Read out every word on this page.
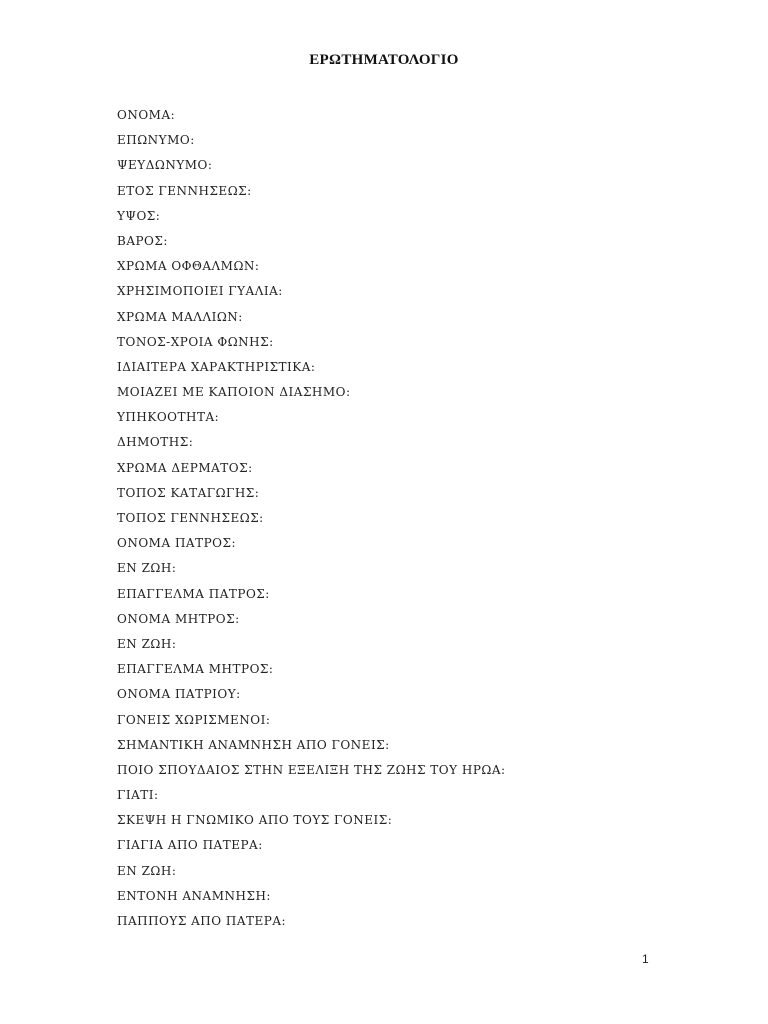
ΕΡΩΤΗΜΑΤΟΛΟΓΙΟ
ΟΝΟΜΑ:
ΕΠΩΝΥΜΟ:
ΨΕΥΔΩΝΥΜΟ:
ΕΤΟΣ ΓΕΝΝΗΣΕΩΣ:
ΥΨΟΣ:
ΒΑΡΟΣ:
ΧΡΩΜΑ ΟΦΘΑΛΜΩΝ:
ΧΡΗΣΙΜΟΠΟΙΕΙ ΓΥΑΛΙΑ:
ΧΡΩΜΑ ΜΑΛΛΙΩΝ:
ΤΟΝΟΣ-ΧΡΟΙΑ ΦΩΝΗΣ:
ΙΔΙΑΙΤΕΡΑ ΧΑΡΑΚΤΗΡΙΣΤΙΚΑ:
ΜΟΙΑΖΕΙ ΜΕ ΚΑΠΟΙΟΝ ΔΙΑΣΗΜΟ:
ΥΠΗΚΟΟΤΗΤΑ:
ΔΗΜΟΤΗΣ:
ΧΡΩΜΑ ΔΕΡΜΑΤΟΣ:
ΤΟΠΟΣ ΚΑΤΑΓΩΓΗΣ:
ΤΟΠΟΣ ΓΕΝΝΗΣΕΩΣ:
ΟΝΟΜΑ ΠΑΤΡΟΣ:
ΕΝ ΖΩΗ:
ΕΠΑΓΓΕΛΜΑ ΠΑΤΡΟΣ:
ΟΝΟΜΑ ΜΗΤΡΟΣ:
ΕΝ ΖΩΗ:
ΕΠΑΓΓΕΛΜΑ ΜΗΤΡΟΣ:
ΟΝΟΜΑ ΠΑΤΡΙΟΥ:
ΓΟΝΕΙΣ ΧΩΡΙΣΜΕΝΟΙ:
ΣΗΜΑΝΤΙΚΗ ΑΝΑΜΝΗΣΗ ΑΠΟ ΓΟΝΕΙΣ:
ΠΟΙΟ ΣΠΟΥΔΑΙΟΣ ΣΤΗΝ ΕΞΕΛΙΞΗ ΤΗΣ ΖΩΗΣ ΤΟΥ ΗΡΩΑ:
ΓΙΑΤΙ:
ΣΚΕΨΗ Η ΓΝΩΜΙΚΟ ΑΠΟ ΤΟΥΣ ΓΟΝΕΙΣ:
ΓΙΑΓΙΑ ΑΠΟ ΠΑΤΕΡΑ:
ΕΝ ΖΩΗ:
ΕΝΤΟΝΗ ΑΝΑΜΝΗΣΗ:
ΠΑΠΠΟΥΣ ΑΠΟ ΠΑΤΕΡΑ:
1
